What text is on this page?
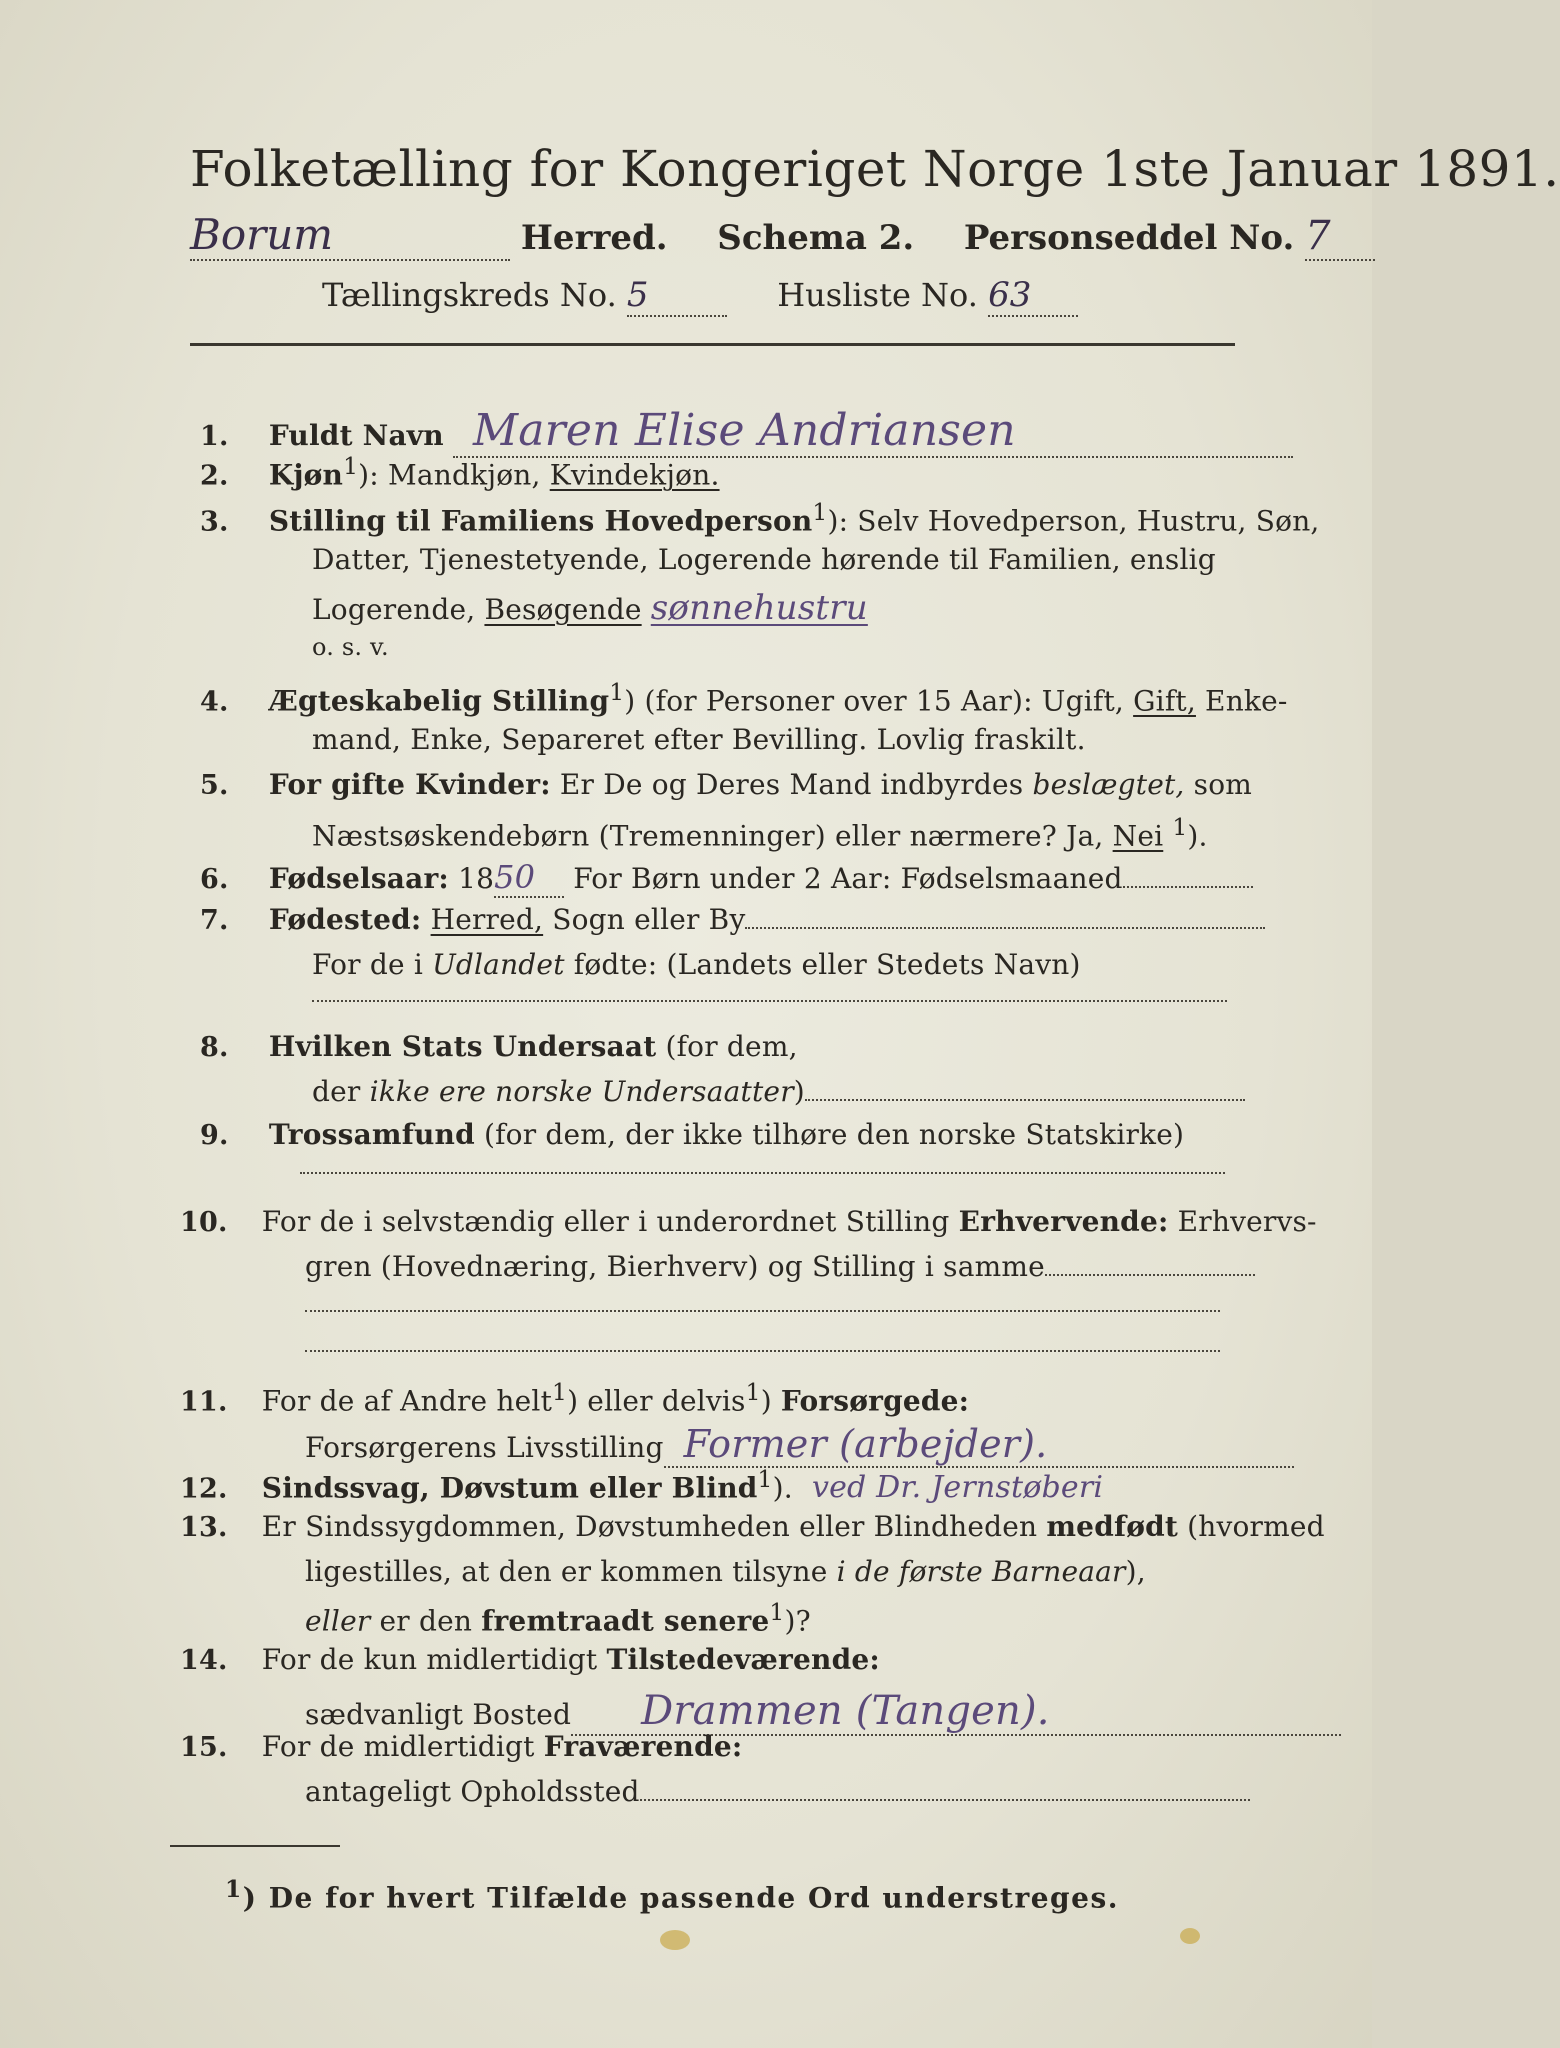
Folketælling for Kongeriget Norge 1ste Januar 1891.
Borum	Herred. Schema 2. Personseddel No. 7
Tællingskreds No. 5	Husliste No. 63
1. Fuldt Navn Maren Elise Andriansen
2. Kjøn$^1$): Mandkjøn, Kvindekjøn.
3. Stilling til Familiens Hovedperson$^1$): Selv Hovedperson, Hustru, Søn,
Datter, Tjenestetyende, Logerende hørende til Familien, enslig
Logerende, Besøgende sønnehustru
o. s. v.
4. Ægteskabelig Stilling$^1$) (for Personer over 15 Aar): Ugift, Gift, Enke-
mand, Enke, Separeret efter Bevilling. Lovlig fraskilt.
5. For gifte Kvinder: Er De og Deres Mand indbyrdes beslægtet, som
Næstsøskendebørn (Tremenninger) eller nærmere? Ja, Nei $^1$).
6. Fødselsaar: 1850 For Børn under 2 Aar: Fødselsmaaned
7. Fødested: Herred, Sogn eller By
For de i Udlandet fødte: (Landets eller Stedets Navn)
8. Hvilken Stats Undersaat (for dem,
der ikke ere norske Undersaatter)
9. Trossamfund (for dem, der ikke tilhøre den norske Statskirke)
10. For de i selvstændig eller i underordnet Stilling Erhvervende: Erhvervs-
gren (Hovednæring, Bierhverv) og Stilling i samme
11. For de af Andre helt$^1$) eller delvis$^1$) Forsørgede:
Forsørgerens Livsstilling Former (arbejder).
12. Sindssvag, Døvstum eller Blind$^1$). ved Dr. Jernstøberi
13. Er Sindssygdommen, Døvstumheden eller Blindheden medfødt (hvormed
ligestilles, at den er kommen tilsyne i de første Barneaar),
eller er den fremtraadt senere$^1$)?
14. For de kun midlertidigt Tilstedeværende:
sædvanligt Bosted Drammen (Tangen).
15. For de midlertidigt Fraværende:
antageligt Opholdssted
$^1$) De for hvert Tilfælde passende Ord understreges.
